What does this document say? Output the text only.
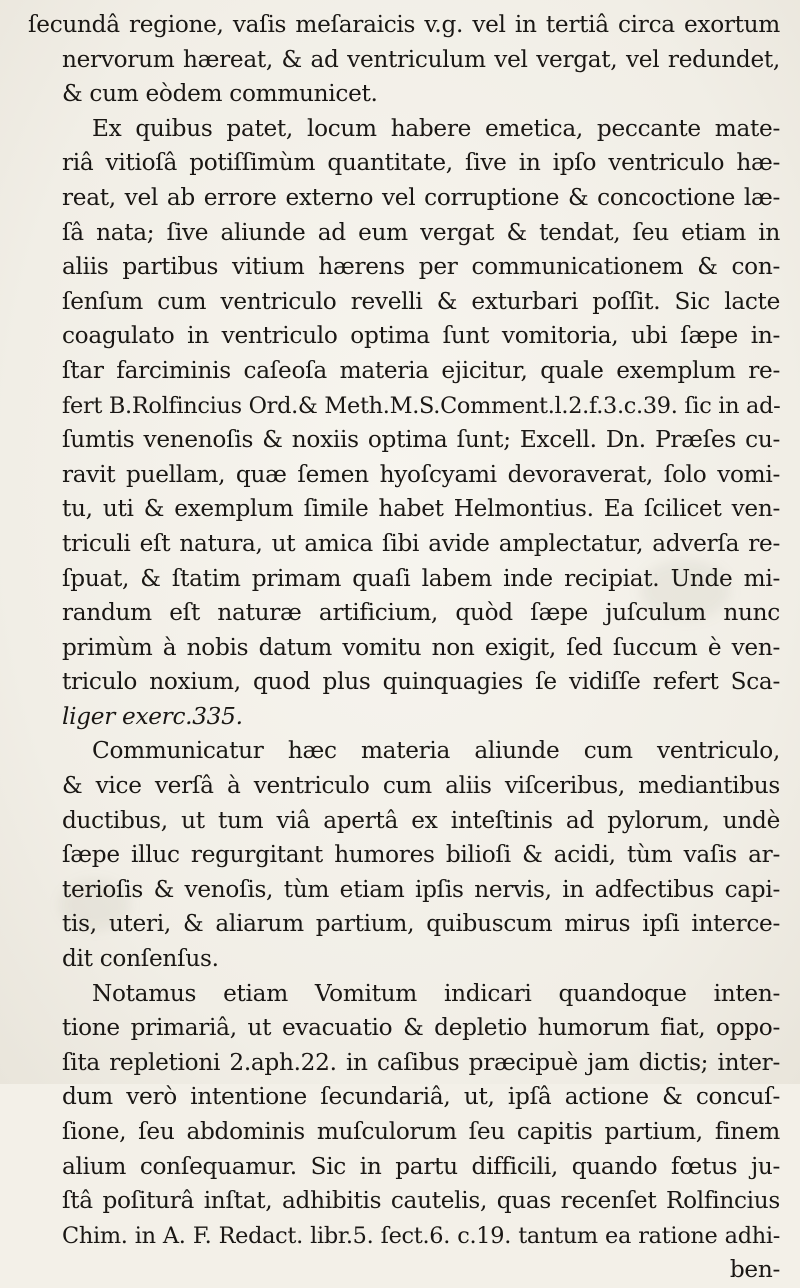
ſecundâ regione, vaſis meſaraicis v.g. vel in tertiâ circa exortum
nervorum hæreat, & ad ventriculum vel vergat, vel redundet,
& cum eòdem communicet.
Ex quibus patet, locum habere emetica, peccante mate-
riâ vitioſâ potiſſimùm quantitate, ſive in ipſo ventriculo hæ-
reat, vel ab errore externo vel corruptione & concoctione læ-
ſâ nata; ſive aliunde ad eum vergat & tendat, ſeu etiam in
aliis partibus vitium hærens per communicationem & con-
ſenſum cum ventriculo revelli & exturbari poſſit. Sic lacte
coagulato in ventriculo optima ſunt vomitoria, ubi ſæpe in-
ſtar farciminis caſeoſa materia ejicitur, quale exemplum re-
fert B.Rolfincius Ord.& Meth.M.S.Comment.l.2.f.3.c.39. ſic in ad-
ſumtis venenoſis & noxiis optima ſunt; Excell. Dn. Præſes cu-
ravit puellam, quæ ſemen hyoſcyami devoraverat, ſolo vomi-
tu, uti & exemplum ſimile habet Helmontius. Ea ſcilicet ven-
triculi eſt natura, ut amica ſibi avide amplectatur, adverſa re-
ſpuat, & ſtatim primam quaſi labem inde recipiat. Unde mi-
randum eſt naturæ artificium, quòd ſæpe juſculum nunc
primùm à nobis datum vomitu non exigit, ſed ſuccum è ven-
triculo noxium, quod plus quinquagies ſe vidiſſe refert Sca-
liger exerc.335.
Communicatur hæc materia aliunde cum ventriculo,
& vice verſâ à ventriculo cum aliis viſceribus, mediantibus
ductibus, ut tum viâ apertâ ex inteſtinis ad pylorum, undè
ſæpe illuc regurgitant humores bilioſi & acidi, tùm vaſis ar-
terioſis & venoſis, tùm etiam ipſis nervis, in adfectibus capi-
tis, uteri, & aliarum partium, quibuscum mirus ipſi interce-
dit conſenſus.
Notamus etiam Vomitum indicari quandoque inten-
tione primariâ, ut evacuatio & depletio humorum fiat, oppo-
ſita repletioni 2.aph.22. in caſibus præcipuè jam dictis; inter-
dum verò intentione ſecundariâ, ut, ipſâ actione & concuſ-
ſione, ſeu abdominis muſculorum ſeu capitis partium, finem
alium conſequamur. Sic in partu difficili, quando fœtus ju-
ſtâ poſiturâ inſtat, adhibitis cautelis, quas recenſet Rolfincius
Chim. in A. F. Redact. libr.5. ſect.6. c.19. tantum ea ratione adhi-
ben-
